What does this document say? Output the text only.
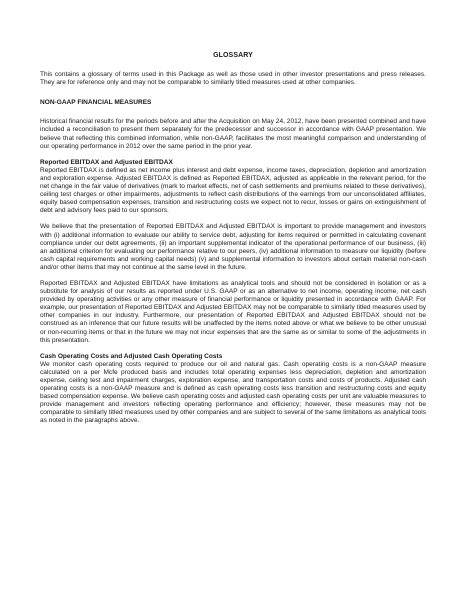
GLOSSARY

This contains a glossary of terms used in this Package as well as those used in other investor presentations and press releases. They are for reference only and may not be comparable to similarly titled measures used at other companies.

NON-GAAP FINANCIAL MEASURES

Historical financial results for the periods before and after the Acquisition on May 24, 2012, have been presented combined and have included a reconciliation to present them separately for the predecessor and successor in accordance with GAAP presentation. We believe that reflecting this combined information, while non-GAAP, facilitates the most meaningful comparison and understanding of our operating performance in 2012 over the same period in the prior year.

Reported EBITDAX and Adjusted EBITDAX

Reported EBITDAX is defined as net income plus interest and debt expense, income taxes, depreciation, depletion and amortization and exploration expense. Adjusted EBITDAX is defined as Reported EBITDAX, adjusted as applicable in the relevant period, for the net change in the fair value of derivatives (mark to market effects, net of cash settlements and premiums related to these derivatives), ceiling test charges or other impairments, adjustments to reflect cash distributions of the earnings from our unconsolidated affiliates, equity based compensation expenses, transition and restructuring costs we expect not to recur, losses or gains on extinguishment of debt and advisory fees paid to our sponsors.

We believe that the presentation of Reported EBITDAX and Adjusted EBITDAX is important to provide management and investors with (i) additional information to evaluate our ability to service debt, adjusting for items required or permitted in calculating covenant compliance under our debt agreements, (ii) an important supplemental indicator of the operational performance of our business, (iii) an additional criterion for evaluating our performance relative to our peers, (iv) additional information to measure our liquidity (before cash capital requirements and working capital needs) (v) and supplemental information to investors about certain material non-cash and/or other items that may not continue at the same level in the future.

Reported EBITDAX and Adjusted EBITDAX have limitations as analytical tools and should not be considered in isolation or as a substitute for analysis of our results as reported under U.S. GAAP or as an alternative to net income, operating income, net cash provided by operating activities or any other measure of financial performance or liquidity presented in accordance with GAAP. For example, our presentation of Reported EBITDAX and Adjusted EBITDAX may not be comparable to similarly titled measures used by other companies in our industry. Furthermore, our presentation of Reported EBITDAX and Adjusted EBITDAX should not be construed as an inference that our future results will be unaffected by the items noted above or what we believe to be other unusual or non-recurring items or that in the future we may not incur expenses that are the same as or similar to some of the adjustments in this presentation.

Cash Operating Costs and Adjusted Cash Operating Costs

We monitor cash operating costs required to produce our oil and natural gas. Cash operating costs is a non-GAAP measure calculated on a per Mcfe produced basis and includes total operating expenses less depreciation, depletion and amortization expense, ceiling test and impairment charges, exploration expense, and transportation costs and costs of products. Adjusted cash operating costs is a non-GAAP measure and is defined as cash operating costs less transition and restructuring costs and equity based compensation expense. We believe cash operating costs and adjusted cash operating costs per unit are valuable measures to provide management and investors reflecting operating performance and efficiency; however, these measures may not be comparable to similarly titled measures used by other companies and are subject to several of the same limitations as analytical tools as noted in the paragraphs above.
